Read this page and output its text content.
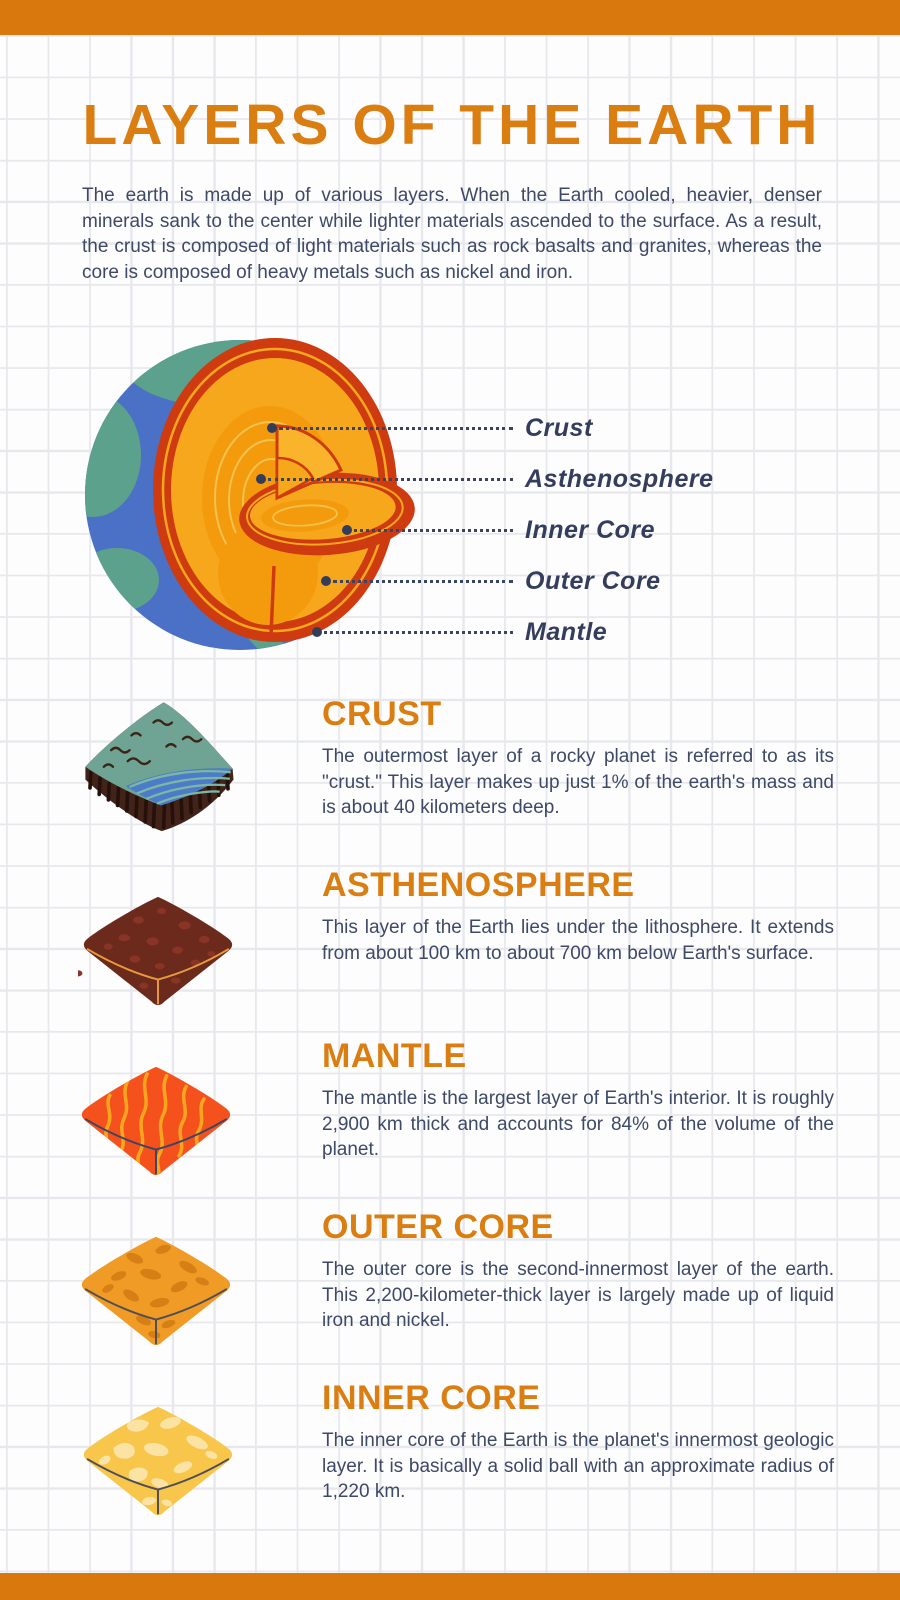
LAYERS OF THE EARTH

The earth is made up of various layers. When the Earth cooled, heavier, denser minerals sank to the center while lighter materials ascended to the surface. As a result, the crust is composed of light materials such as rock basalts and granites, whereas the core is composed of heavy metals such as nickel and iron.

Crust
Asthenosphere
Inner Core
Outer Core
Mantle
CRUST

The outermost layer of a rocky planet is referred to as its "crust." This layer makes up just 1% of the earth's mass and is about 40 kilometers deep.

ASTHENOSPHERE

This layer of the Earth lies under the lithosphere. It extends from about 100 km to about 700 km below Earth's surface.

MANTLE

The mantle is the largest layer of Earth's interior. It is roughly 2,900 km thick and accounts for 84% of the volume of the planet.

OUTER CORE

The outer core is the second-innermost layer of the earth. This 2,200-kilometer-thick layer is largely made up of liquid iron and nickel.

INNER CORE

The inner core of the Earth is the planet's innermost geologic layer. It is basically a solid ball with an approximate radius of 1,220 km.
